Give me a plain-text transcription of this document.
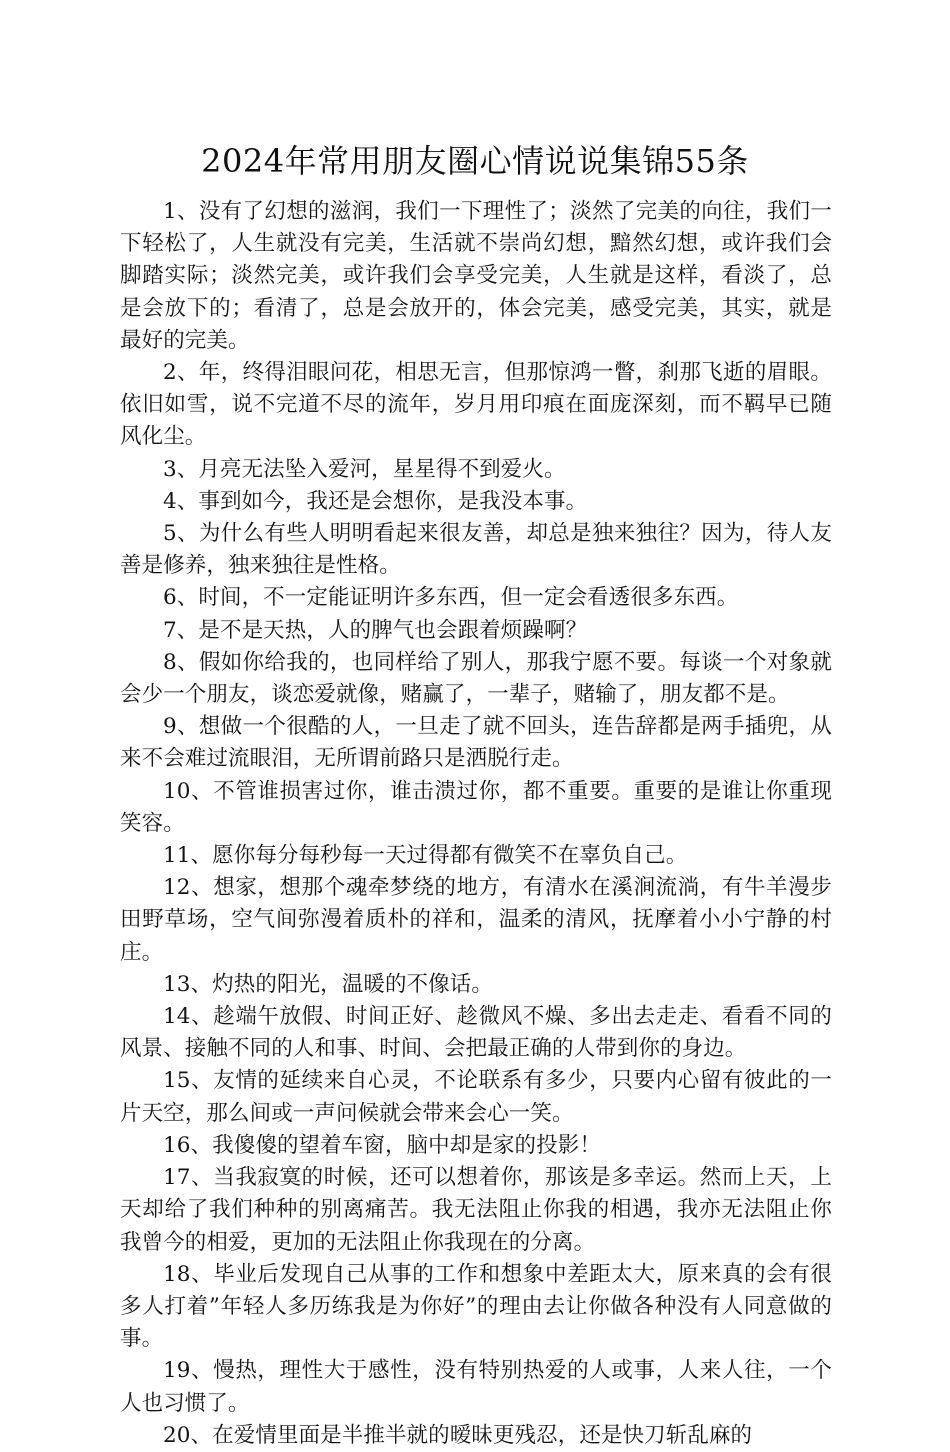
2024年常用朋友圈心情说说集锦55条

1、没有了幻想的滋润，我们一下理性了；淡然了完美的向往，我们一下轻松了，人生就没有完美，生活就不崇尚幻想，黯然幻想，或许我们会脚踏实际；淡然完美，或许我们会享受完美，人生就是这样，看淡了，总是会放下的；看清了，总是会放开的，体会完美，感受完美，其实，就是最好的完美。

2、年，终得泪眼问花，相思无言，但那惊鸿一瞥，刹那飞逝的眉眼。依旧如雪，说不完道不尽的流年，岁月用印痕在面庞深刻，而不羁早已随风化尘。

3、月亮无法坠入爱河，星星得不到爱火。

4、事到如今，我还是会想你，是我没本事。

5、为什么有些人明明看起来很友善，却总是独来独往？因为，待人友善是修养，独来独往是性格。

6、时间，不一定能证明许多东西，但一定会看透很多东西。

7、是不是天热，人的脾气也会跟着烦躁啊？

8、假如你给我的，也同样给了别人，那我宁愿不要。每谈一个对象就会少一个朋友，谈恋爱就像，赌赢了，一辈子，赌输了，朋友都不是。

9、想做一个很酷的人，一旦走了就不回头，连告辞都是两手插兜，从来不会难过流眼泪，无所谓前路只是洒脱行走。

10、不管谁损害过你，谁击溃过你，都不重要。重要的是谁让你重现笑容。

11、愿你每分每秒每一天过得都有微笑不在辜负自己。

12、想家，想那个魂牵梦绕的地方，有清水在溪涧流淌，有牛羊漫步田野草场，空气间弥漫着质朴的祥和，温柔的清风，抚摩着小小宁静的村庄。

13、灼热的阳光，温暖的不像话。

14、趁端午放假、时间正好、趁微风不燥、多出去走走、看看不同的风景、接触不同的人和事、时间、会把最正确的人带到你的身边。

15、友情的延续来自心灵，不论联系有多少，只要内心留有彼此的一片天空，那么间或一声问候就会带来会心一笑。

16、我傻傻的望着车窗，脑中却是家的投影！

17、当我寂寞的时候，还可以想着你，那该是多幸运。然而上天，上天却给了我们种种的别离痛苦。我无法阻止你我的相遇，我亦无法阻止你我曾今的相爱，更加的无法阻止你我现在的分离。

18、毕业后发现自己从事的工作和想象中差距太大，原来真的会有很多人打着”年轻人多历练我是为你好”的理由去让你做各种没有人同意做的事。

19、慢热，理性大于感性，没有特别热爱的人或事，人来人往，一个人也习惯了。

20、在爱情里面是半推半就的暧昧更残忍，还是快刀斩乱麻的
